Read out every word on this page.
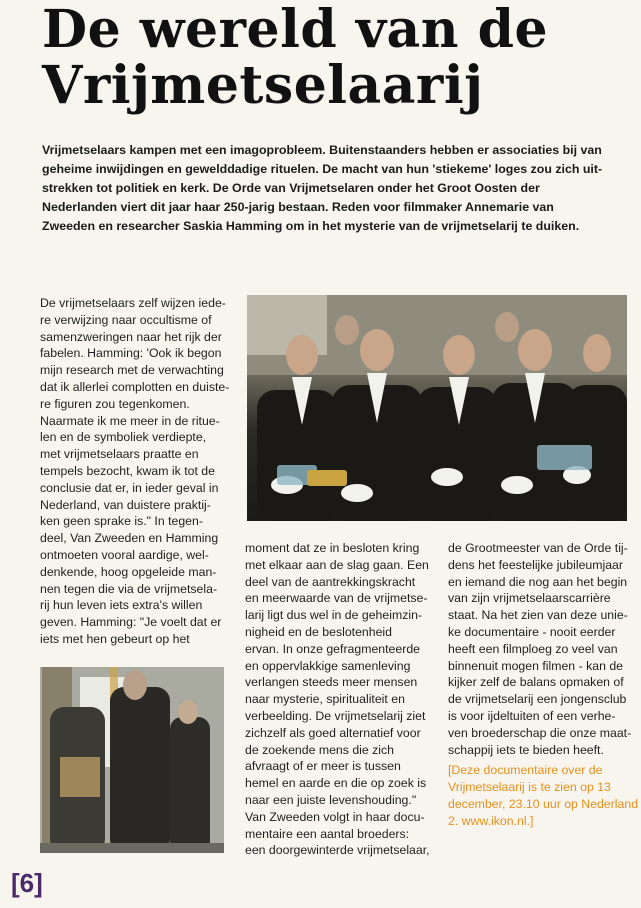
De wereld van de
Vrijmetselaarij
Vrijmetselaars kampen met een imagoprobleem. Buitenstaanders hebben er associaties bij van
geheime inwijdingen en gewelddadige rituelen. De macht van hun 'stiekeme' loges zou zich uit-
strekken tot politiek en kerk. De Orde van Vrijmetselaren onder het Groot Oosten der
Nederlanden viert dit jaar haar 250-jarig bestaan. Reden voor filmmaker Annemarie van
Zweeden en researcher Saskia Hamming om in het mysterie van de vrijmetselarij te duiken.
De vrijmetselaars zelf wijzen iede-
re verwijzing naar occultisme of
samenzweringen naar het rijk der
fabelen. Hamming: 'Ook ik begon
mijn research met de verwachting
dat ik allerlei complotten en duiste-
re figuren zou tegenkomen.
Naarmate ik me meer in de ritue-
len en de symboliek verdiepte,
met vrijmetselaars praatte en
tempels bezocht, kwam ik tot de
conclusie dat er, in ieder geval in
Nederland, van duistere praktij-
ken geen sprake is." In tegen-
deel, Van Zweeden en Hamming
ontmoeten vooral aardige, wel-
denkende, hoog opgeleide man-
nen tegen die via de vrijmetsela-
rij hun leven iets extra's willen
geven. Hamming: "Je voelt dat er
iets met hen gebeurt op het
moment dat ze in besloten kring
met elkaar aan de slag gaan. Een
deel van de aantrekkingskracht
en meerwaarde van de vrijmetse-
larij ligt dus wel in de geheimzin-
nigheid en de beslotenheid
ervan. In onze gefragmenteerde
en oppervlakkige samenleving
verlangen steeds meer mensen
naar mysterie, spiritualiteit en
verbeelding. De vrijmetselarij ziet
zichzelf als goed alternatief voor
de zoekende mens die zich
afvraagt of er meer is tussen
hemel en aarde en die op zoek is
naar een juiste levenshouding."
Van Zweeden volgt in haar docu-
mentaire een aantal broeders:
een doorgewinterde vrijmetselaar,
de Grootmeester van de Orde tij-
dens het feestelijke jubileumjaar
en iemand die nog aan het begin
van zijn vrijmetselaarscarrière
staat. Na het zien van deze unie-
ke documentaire - nooit eerder
heeft een filmploeg zo veel van
binnenuit mogen filmen - kan de
kijker zelf de balans opmaken of
de vrijmetselarij een jongensclub
is voor ijdeltuiten of een verhe-
ven broederschap die onze maat-
schappij iets te bieden heeft.
[Deze documentaire over de
Vrijmetselaarij is te zien op 13
december, 23.10 uur op Nederland
2. www.ikon.nl.]
[6]
